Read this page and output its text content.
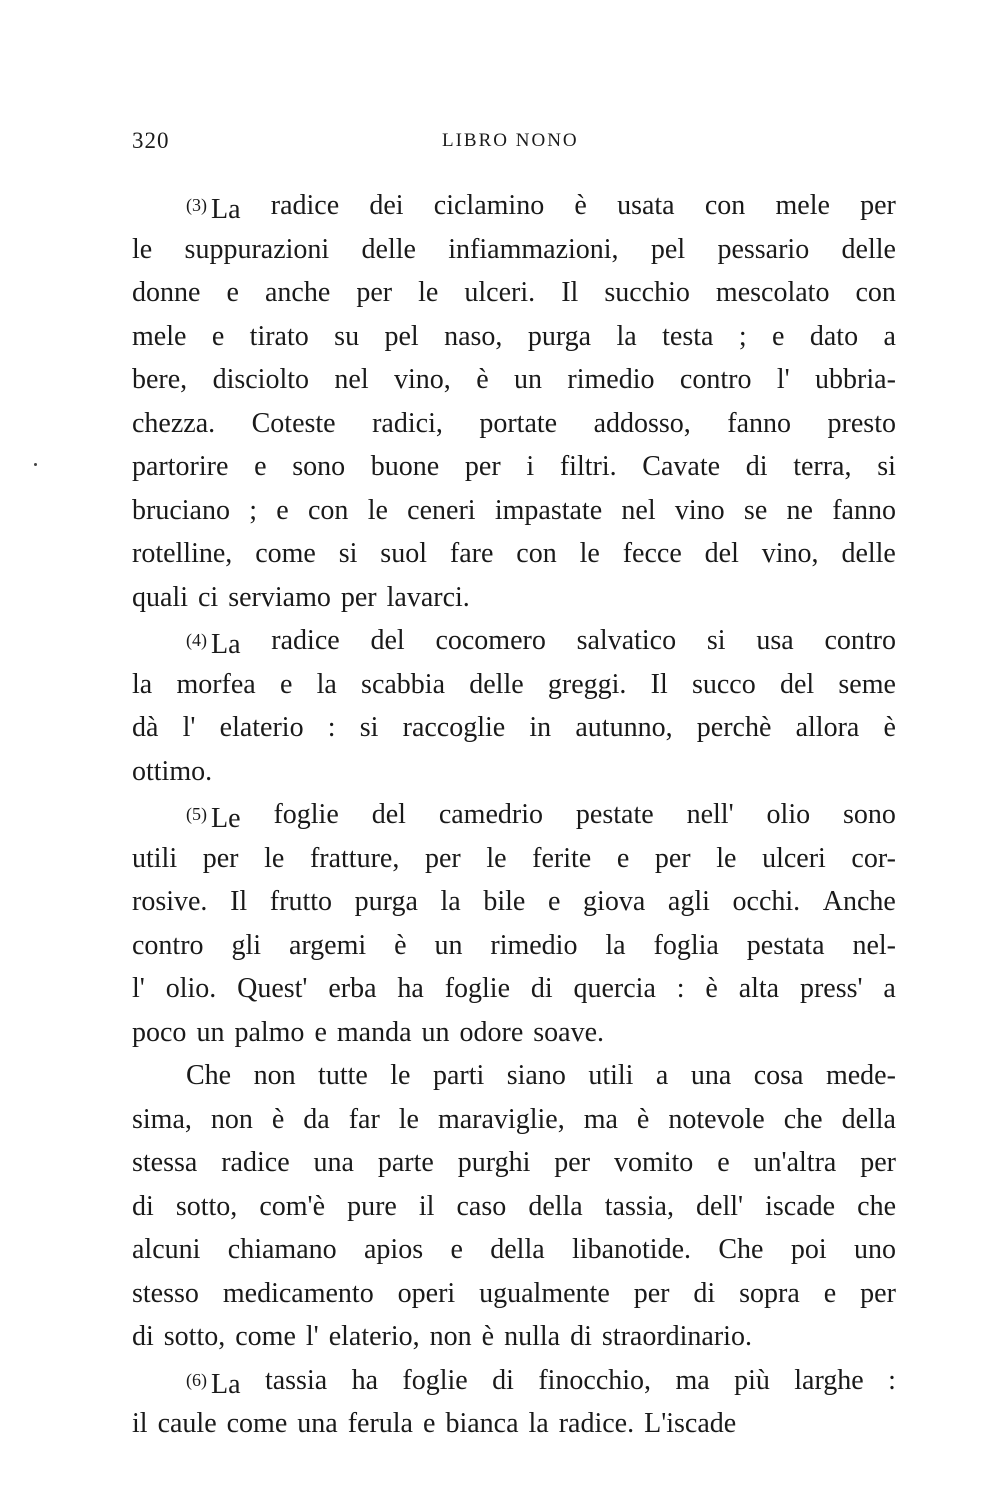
320	LIBRO NONO
$^{(3)}$ La radice dei ciclamino è usata con mele per
le suppurazioni delle infiammazioni, pel pessario delle
donne e anche per le ulceri. Il succhio mescolato con
mele e tirato su pel naso, purga la testa ; e dato a
bere, disciolto nel vino, è un rimedio contro l' ubbria-
chezza. Coteste radici, portate addosso, fanno presto
partorire e sono buone per i filtri. Cavate di terra, si
bruciano ; e con le ceneri impastate nel vino se ne fanno
rotelline, come si suol fare con le fecce del vino, delle
quali ci serviamo per lavarci.
$^{(4)}$ La radice del cocomero salvatico si usa contro
la morfea e la scabbia delle greggi. Il succo del seme
dà l' elaterio : si raccoglie in autunno, perchè allora è
ottimo.
$^{(5)}$ Le foglie del camedrio pestate nell' olio sono
utili per le fratture, per le ferite e per le ulceri cor-
rosive. Il frutto purga la bile e giova agli occhi. Anche
contro gli argemi è un rimedio la foglia pestata nel-
l' olio. Quest' erba ha foglie di quercia : è alta press' a
poco un palmo e manda un odore soave.
Che non tutte le parti siano utili a una cosa mede-
sima, non è da far le maraviglie, ma è notevole che della
stessa radice una parte purghi per vomito e un'altra per
di sotto, com'è pure il caso della tassia, dell' iscade che
alcuni chiamano apios e della libanotide. Che poi uno
stesso medicamento operi ugualmente per di sopra e per
di sotto, come l' elaterio, non è nulla di straordinario.
$^{(6)}$ La tassia ha foglie di finocchio, ma più larghe :
il caule come una ferula e bianca la radice. L'iscade
